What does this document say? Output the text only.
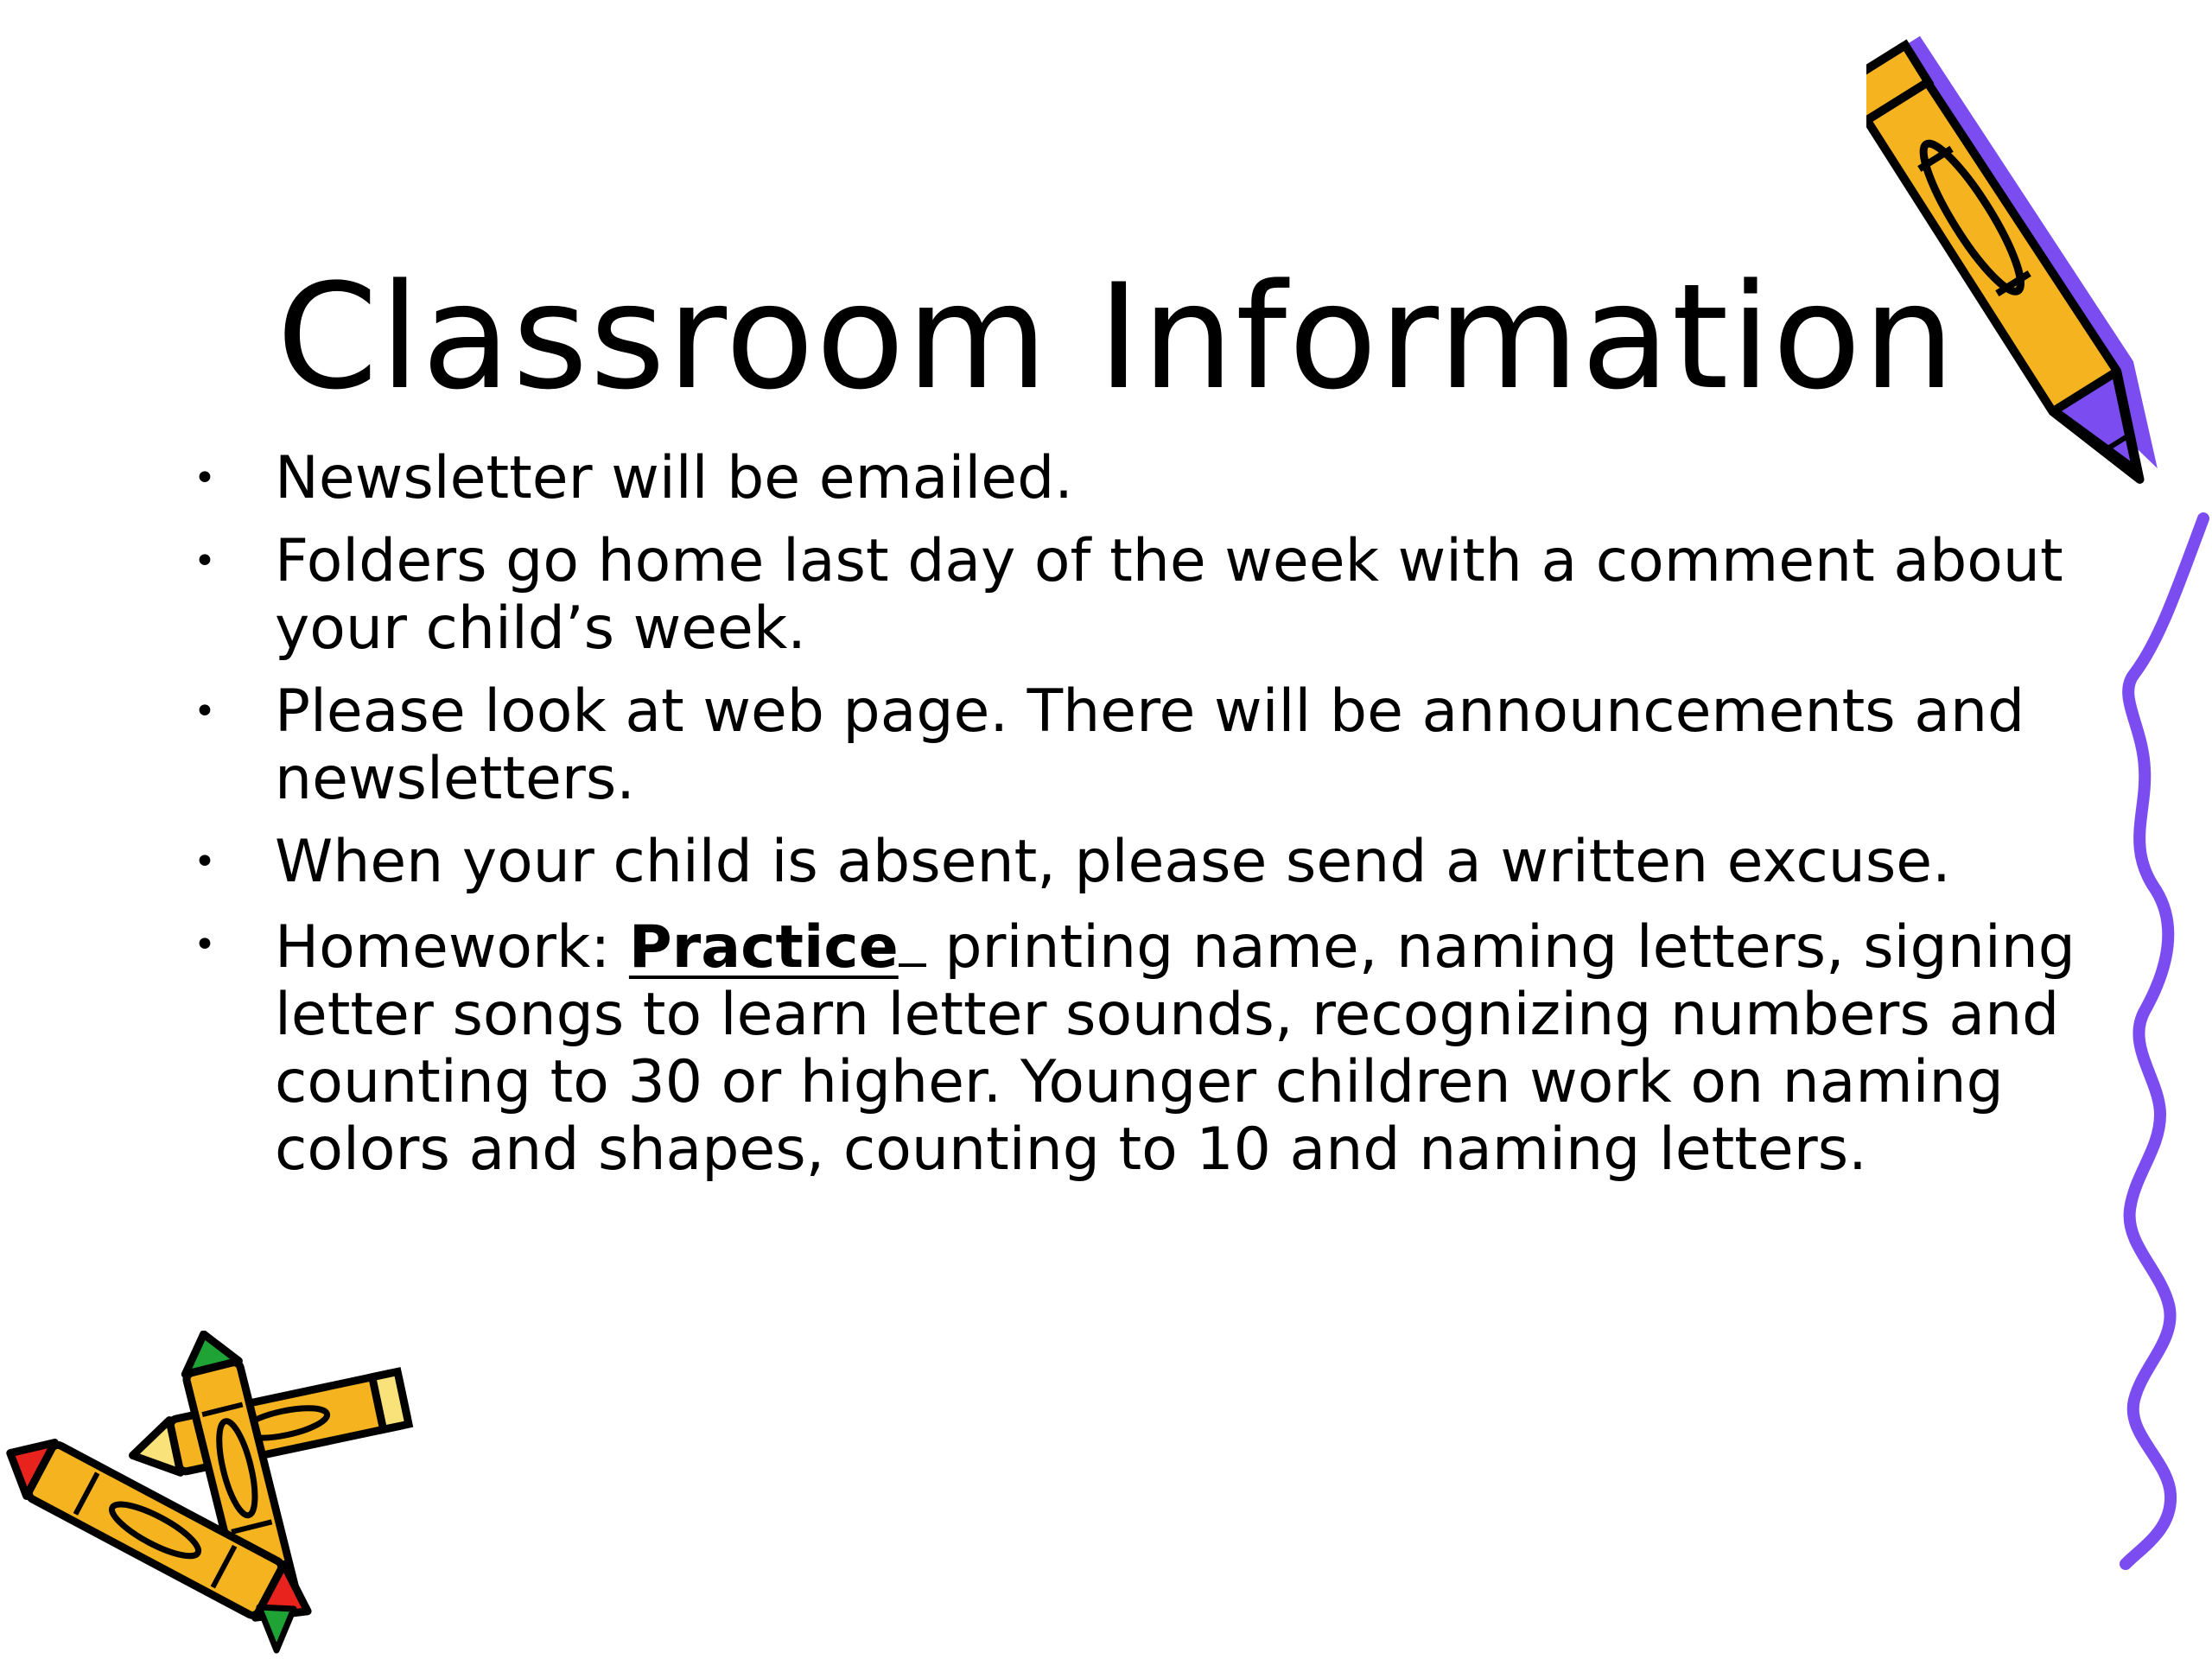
Classroom Information
• Newsletter will be emailed.
• Folders go home last day of the week with a comment about your child’s week.
• Please look at web page. There will be announcements and newsletters.
• When your child is absent, please send a written excuse.
• Homework: Practice printing name, naming letters, signing letter songs to learn letter sounds, recognizing numbers and counting to 30 or higher. Younger children work on naming colors and shapes, counting to 10 and naming letters.
